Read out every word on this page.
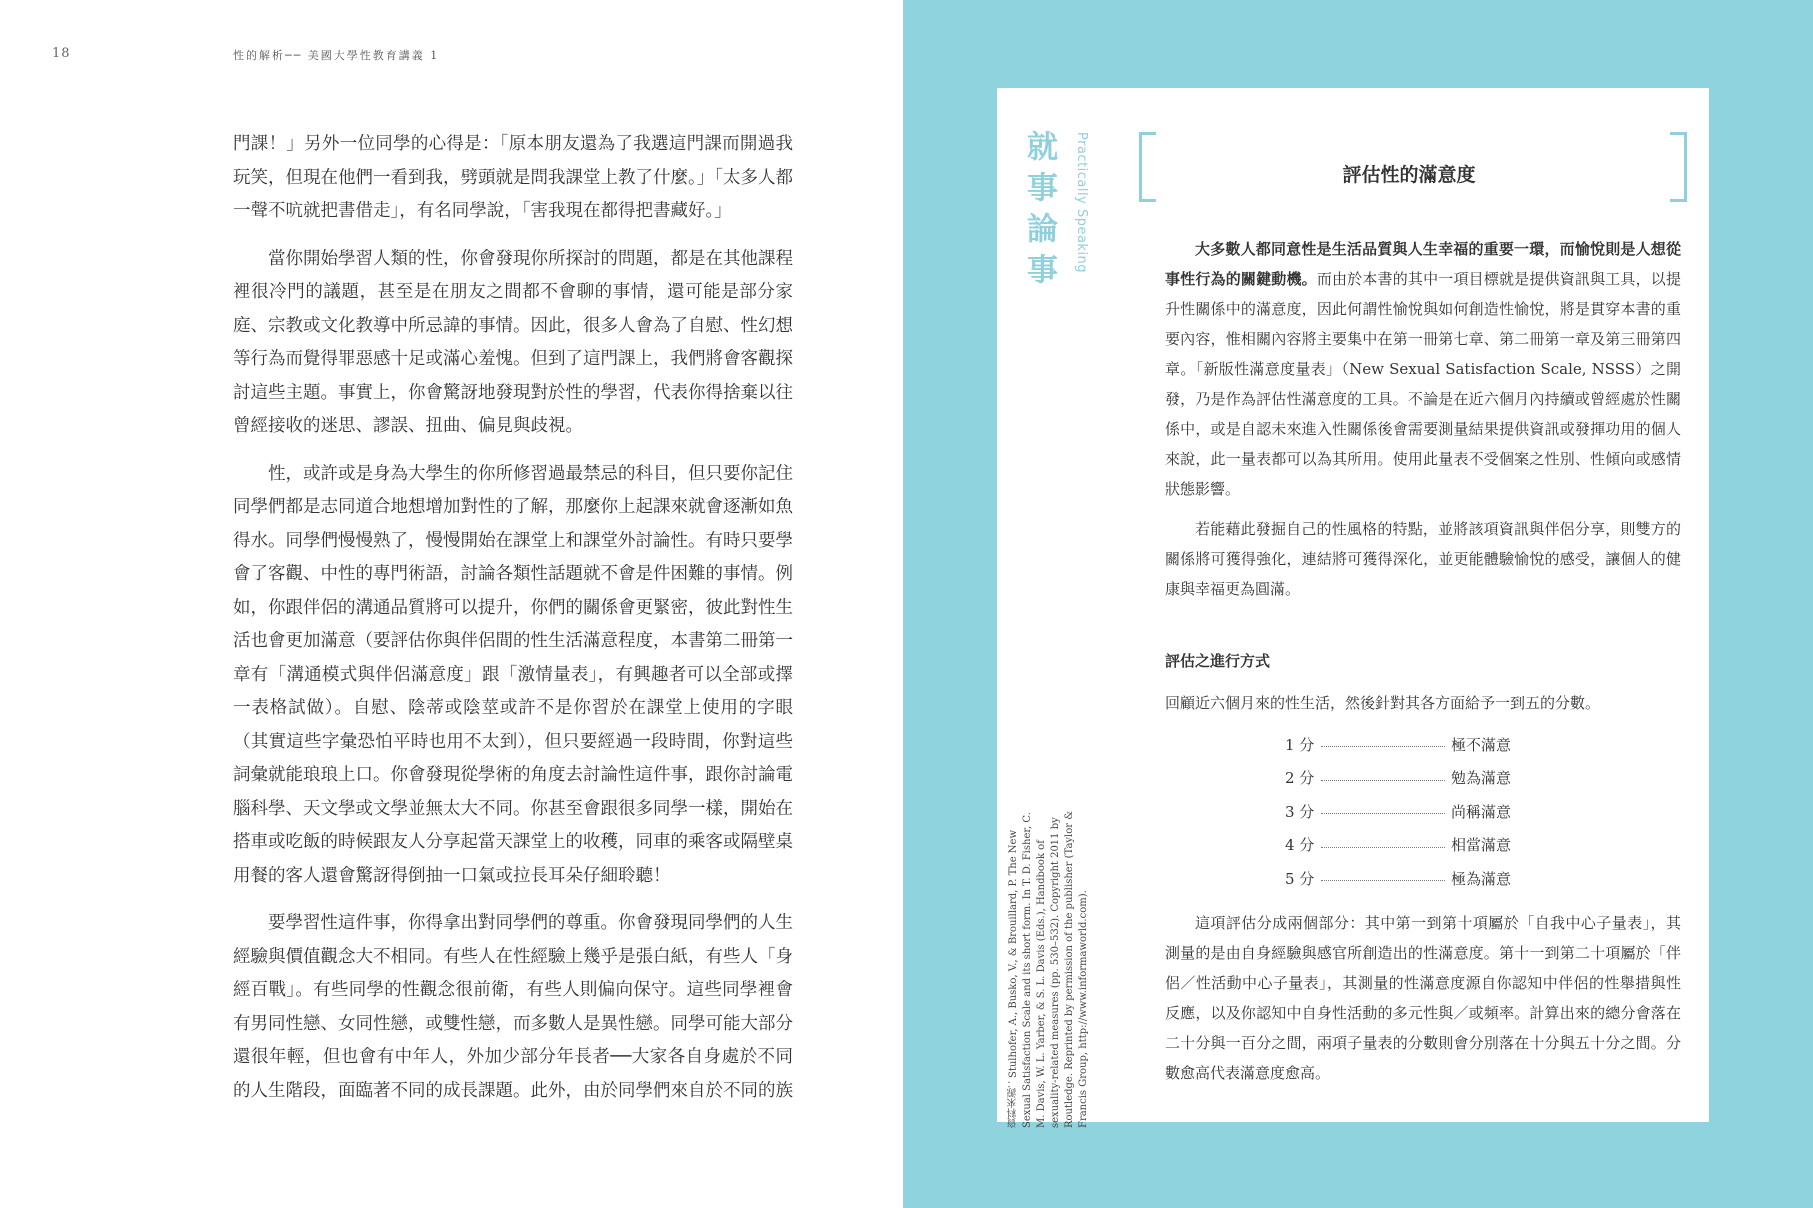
18	性的解析── 美國大學性教育講義 1

門課！」另外一位同學的心得是：「原本朋友還為了我選這門課而開過我玩笑，但現在他們一看到我，劈頭就是問我課堂上教了什麼。」「太多人都一聲不吭就把書借走」，有名同學說，「害我現在都得把書藏好。」

當你開始學習人類的性，你會發現你所探討的問題，都是在其他課程裡很冷門的議題，甚至是在朋友之間都不會聊的事情，還可能是部分家庭、宗教或文化教導中所忌諱的事情。因此，很多人會為了自慰、性幻想等行為而覺得罪惡感十足或滿心羞愧。但到了這門課上，我們將會客觀探討這些主題。事實上，你會驚訝地發現對於性的學習，代表你得捨棄以往曾經接收的迷思、謬誤、扭曲、偏見與歧視。

性，或許或是身為大學生的你所修習過最禁忌的科目，但只要你記住同學們都是志同道合地想增加對性的了解，那麼你上起課來就會逐漸如魚得水。同學們慢慢熟了，慢慢開始在課堂上和課堂外討論性。有時只要學會了客觀、中性的專門術語，討論各類性話題就不會是件困難的事情。例如，你跟伴侶的溝通品質將可以提升，你們的關係會更緊密，彼此對性生活也會更加滿意（要評估你與伴侶間的性生活滿意程度，本書第二冊第一章有「溝通模式與伴侶滿意度」跟「激情量表」，有興趣者可以全部或擇一表格試做）。自慰、陰蒂或陰莖或許不是你習於在課堂上使用的字眼（其實這些字彙恐怕平時也用不太到），但只要經過一段時間，你對這些詞彙就能琅琅上口。你會發現從學術的角度去討論性這件事，跟你討論電腦科學、天文學或文學並無太大不同。你甚至會跟很多同學一樣，開始在搭車或吃飯的時候跟友人分享起當天課堂上的收穫，同車的乘客或隔壁桌用餐的客人還會驚訝得倒抽一口氣或拉長耳朵仔細聆聽！

要學習性這件事，你得拿出對同學們的尊重。你會發現同學們的人生經驗與價值觀念大不相同。有些人在性經驗上幾乎是張白紙，有些人「身經百戰」。有些同學的性觀念很前衛，有些人則偏向保守。這些同學裡會有男同性戀、女同性戀，或雙性戀，而多數人是異性戀。同學可能大部分還很年輕，但也會有中年人，外加少部分年長者──大家各自身處於不同的人生階段，面臨著不同的成長課題。此外，由於同學們來自於不同的族

就事論事	Practically Speaking
資料來源：Stulhofer, A., Busko, V., & Brouillard, P. The New Sexual Satisfaction Scale and its short form. In T. D. Fisher, C. M. Davis, W. L. Yarber, & S. L. Davis (Eds.), Handbook of sexuality-related measures (pp. 530–532). Copyright 2011 by Routledge. Reprinted by permission of the publisher (Taylor & Francis Group, http://www.informaworld.com).
評估性的滿意度

大多數人都同意性是生活品質與人生幸福的重要一環，而愉悅則是人想從事性行為的關鍵動機。而由於本書的其中一項目標就是提供資訊與工具，以提升性關係中的滿意度，因此何謂性愉悅與如何創造性愉悅，將是貫穿本書的重要內容，惟相關內容將主要集中在第一冊第七章、第二冊第一章及第三冊第四章。「新版性滿意度量表」（New Sexual Satisfaction Scale, NSSS）之開發，乃是作為評估性滿意度的工具。不論是在近六個月內持續或曾經處於性關係中，或是自認未來進入性關係後會需要測量結果提供資訊或發揮功用的個人來說，此一量表都可以為其所用。使用此量表不受個案之性別、性傾向或感情狀態影響。

若能藉此發掘自己的性風格的特點，並將該項資訊與伴侶分享，則雙方的關係將可獲得強化，連結將可獲得深化，並更能體驗愉悅的感受，讓個人的健康與幸福更為圓滿。

評估之進行方式

回顧近六個月來的性生活，然後針對其各方面給予一到五的分數。

1 分	極不滿意
2 分	勉為滿意
3 分	尚稱滿意
4 分	相當滿意
5 分	極為滿意

這項評估分成兩個部分：其中第一到第十項屬於「自我中心子量表」，其測量的是由自身經驗與感官所創造出的性滿意度。第十一到第二十項屬於「伴侶／性活動中心子量表」，其測量的性滿意度源自你認知中伴侶的性舉措與性反應，以及你認知中自身性活動的多元性與／或頻率。計算出來的總分會落在二十分與一百分之間，兩項子量表的分數則會分別落在十分與五十分之間。分數愈高代表滿意度愈高。
